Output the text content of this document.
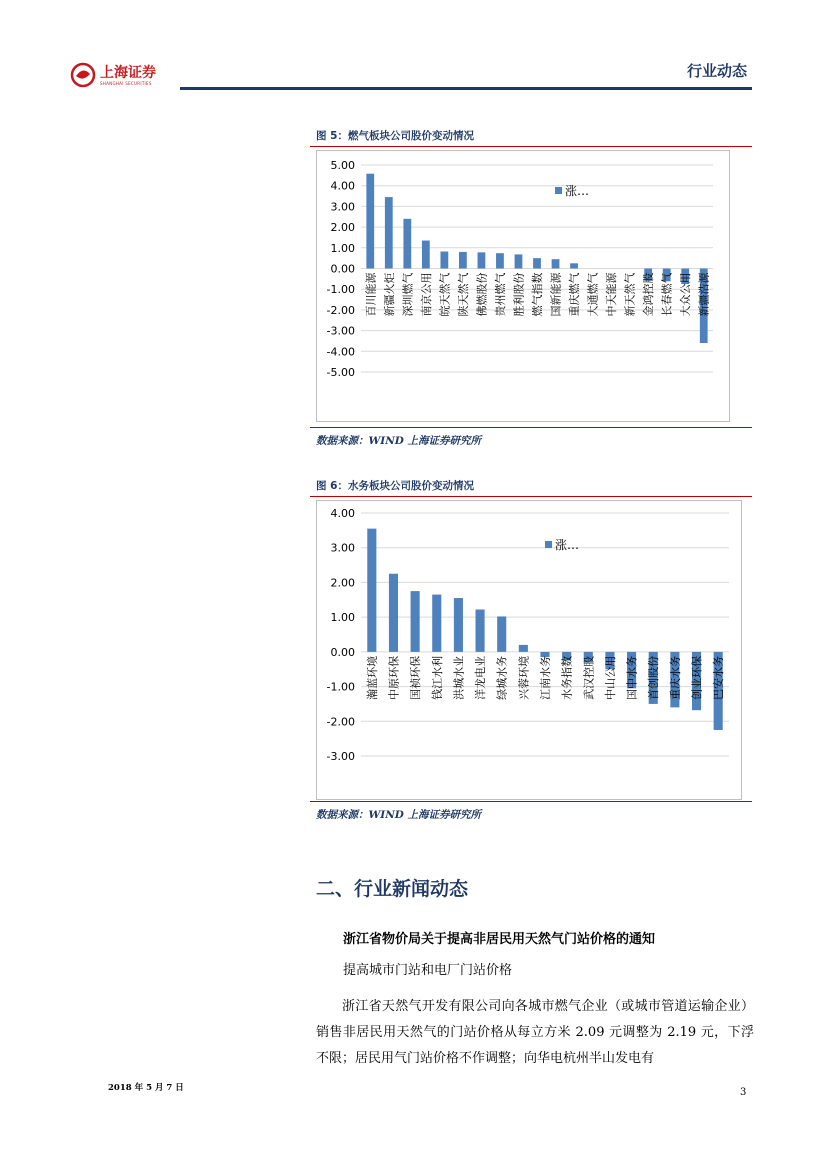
上海证券
SHANGHAI SECURITIES
行业动态
图 5：燃气板块公司股价变动情况
5.00
4.00
3.00
2.00
1.00
0.00
-1.00
-2.00
-3.00
-4.00
-5.00
百川能源 新疆火炬 深圳燃气 南京公用 皖天然气 陕天然气 佛燃股份 贵州燃气 胜利股份 燃气指数 国新能源 重庆燃气 大通燃气 中天能源 新天然气 金鸿控股 长春燃气 大众公用 新疆浩源
涨…
数据来源：WIND 上海证券研究所
图 6：水务板块公司股价变动情况
4.00
3.00
2.00
1.00
0.00
-1.00
-2.00
-3.00
瀚蓝环境 中原环保 国祯环保 钱江水利 洪城水业 洋龙电业 绿城水务 兴蓉环境 江南水务 水务指数 武汉控股 中山公用 国中水务 首创股份 重庆水务 创业环保 巴安水务
涨…
数据来源：WIND 上海证券研究所
二、行业新闻动态
浙江省物价局关于提高非居民用天然气门站价格的通知
提高城市门站和电厂门站价格
浙江省天然气开发有限公司向各城市燃气企业（或城市管道运输企业）销售非居民用天然气的门站价格从每立方米 2.09 元调整为 2.19 元，下浮不限；居民用气门站价格不作调整；向华电杭州半山发电有
2018 年 5 月 7 日	3
